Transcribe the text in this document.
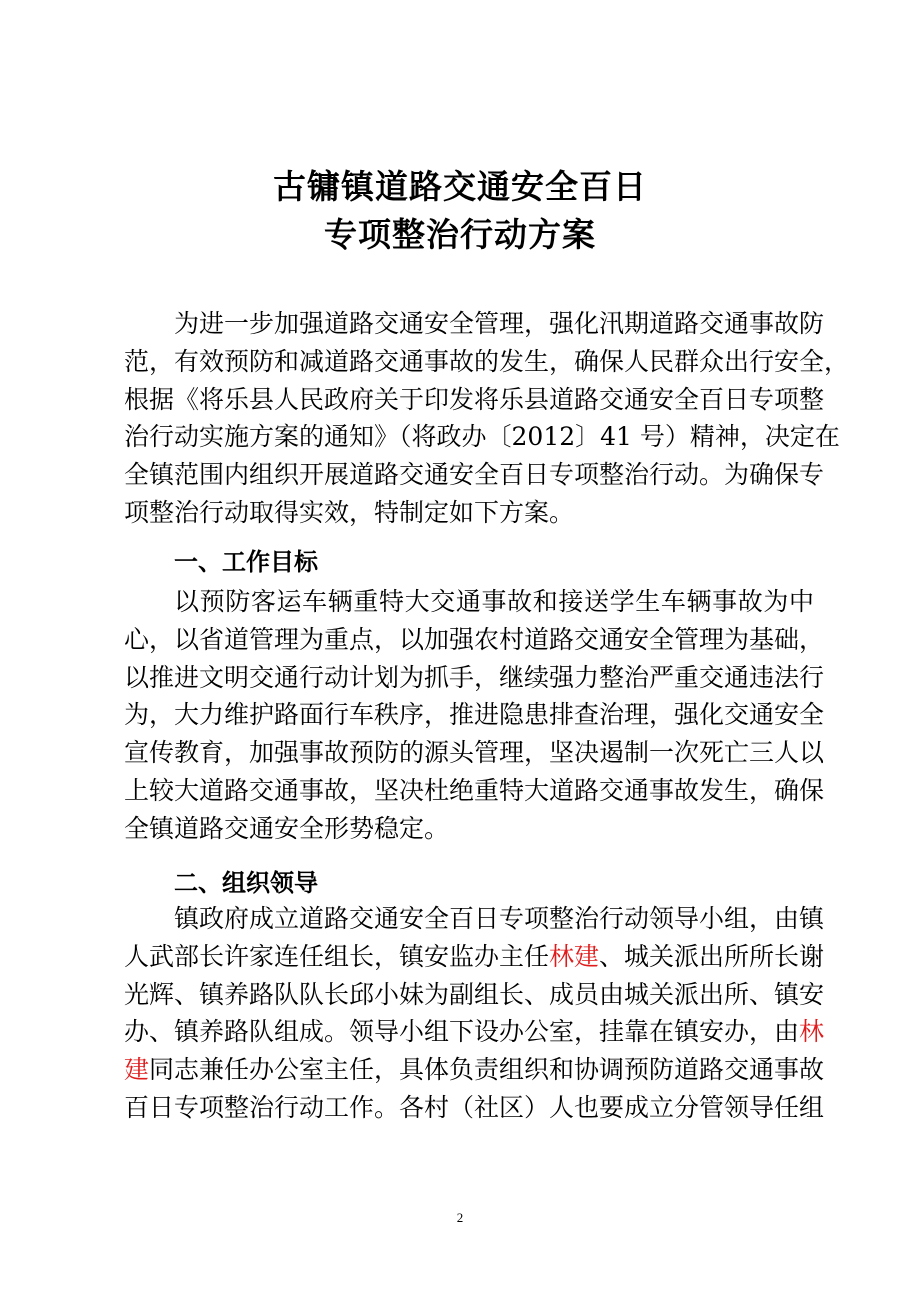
古镛镇道路交通安全百日
专项整治行动方案
为进一步加强道路交通安全管理，强化汛期道路交通事故防
范，有效预防和减道路交通事故的发生，确保人民群众出行安全，
根据《将乐县人民政府关于印发将乐县道路交通安全百日专项整
治行动实施方案的通知》（将政办〔2012〕41 号）精神，决定在
全镇范围内组织开展道路交通安全百日专项整治行动。为确保专
项整治行动取得实效，特制定如下方案。
一、工作目标
以预防客运车辆重特大交通事故和接送学生车辆事故为中
心，以省道管理为重点，以加强农村道路交通安全管理为基础，
以推进文明交通行动计划为抓手，继续强力整治严重交通违法行
为，大力维护路面行车秩序，推进隐患排查治理，强化交通安全
宣传教育，加强事故预防的源头管理，坚决遏制一次死亡三人以
上较大道路交通事故，坚决杜绝重特大道路交通事故发生，确保
全镇道路交通安全形势稳定。
二、组织领导
镇政府成立道路交通安全百日专项整治行动领导小组，由镇
人武部长许家连任组长，镇安监办主任林建、城关派出所所长谢
光辉、镇养路队队长邱小妹为副组长、成员由城关派出所、镇安
办、镇养路队组成。领导小组下设办公室，挂靠在镇安办，由林
建同志兼任办公室主任，具体负责组织和协调预防道路交通事故
百日专项整治行动工作。各村（社区）人也要成立分管领导任组
2
